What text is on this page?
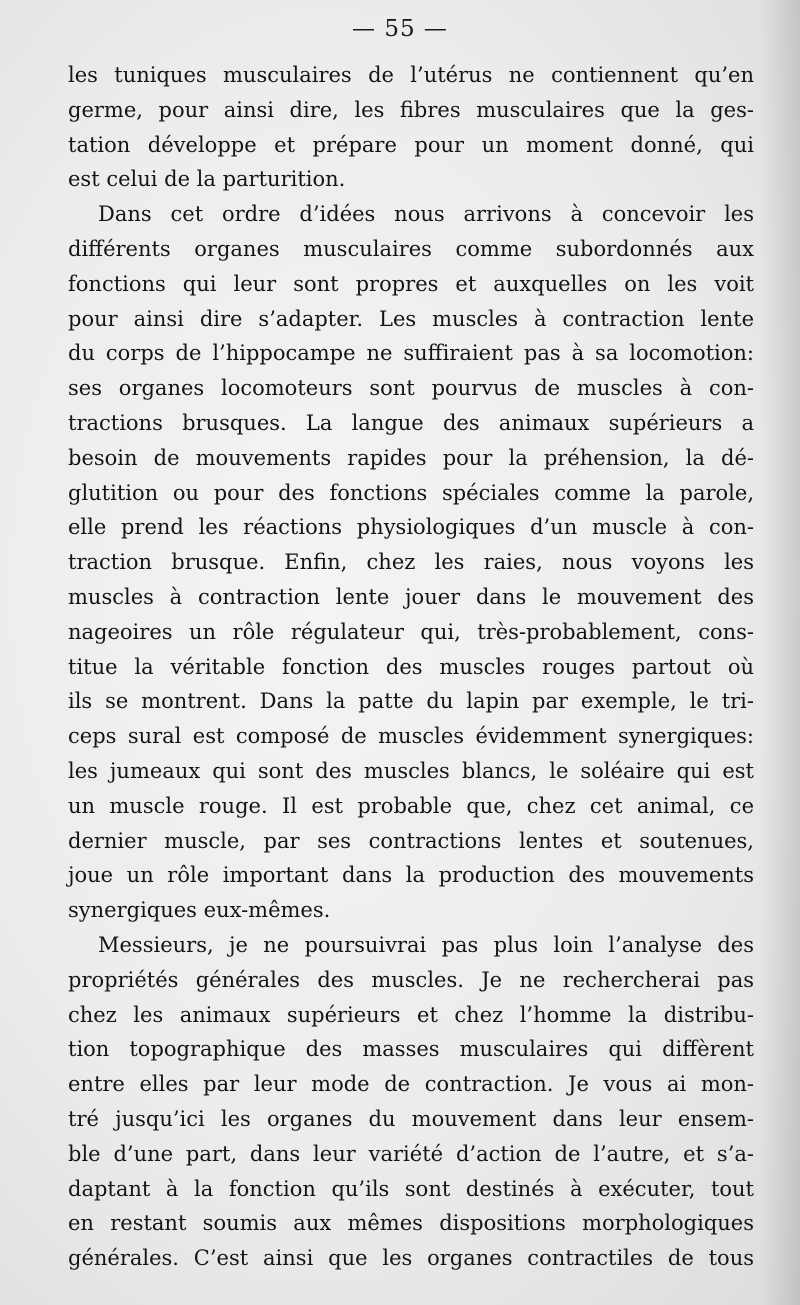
— 55 —

les tuniques musculaires de l’utérus ne contiennent qu’en
germe, pour ainsi dire, les fibres musculaires que la ges-
tation développe et prépare pour un moment donné, qui
est celui de la parturition.

Dans cet ordre d’idées nous arrivons à concevoir les
différents organes musculaires comme subordonnés aux
fonctions qui leur sont propres et auxquelles on les voit
pour ainsi dire s’adapter. Les muscles à contraction lente
du corps de l’hippocampe ne suffiraient pas à sa locomotion:
ses organes locomoteurs sont pourvus de muscles à con-
tractions brusques. La langue des animaux supérieurs a
besoin de mouvements rapides pour la préhension, la dé-
glutition ou pour des fonctions spéciales comme la parole,
elle prend les réactions physiologiques d’un muscle à con-
traction brusque. Enfin, chez les raies, nous voyons les
muscles à contraction lente jouer dans le mouvement des
nageoires un rôle régulateur qui, très-probablement, cons-
titue la véritable fonction des muscles rouges partout où
ils se montrent. Dans la patte du lapin par exemple, le tri-
ceps sural est composé de muscles évidemment synergiques:
les jumeaux qui sont des muscles blancs, le soléaire qui est
un muscle rouge. Il est probable que, chez cet animal, ce
dernier muscle, par ses contractions lentes et soutenues,
joue un rôle important dans la production des mouvements
synergiques eux-mêmes.

Messieurs, je ne poursuivrai pas plus loin l’analyse des
propriétés générales des muscles. Je ne rechercherai pas
chez les animaux supérieurs et chez l’homme la distribu-
tion topographique des masses musculaires qui diffèrent
entre elles par leur mode de contraction. Je vous ai mon-
tré jusqu’ici les organes du mouvement dans leur ensem-
ble d’une part, dans leur variété d’action de l’autre, et s’a-
daptant à la fonction qu’ils sont destinés à exécuter, tout
en restant soumis aux mêmes dispositions morphologiques
générales. C’est ainsi que les organes contractiles de tous
